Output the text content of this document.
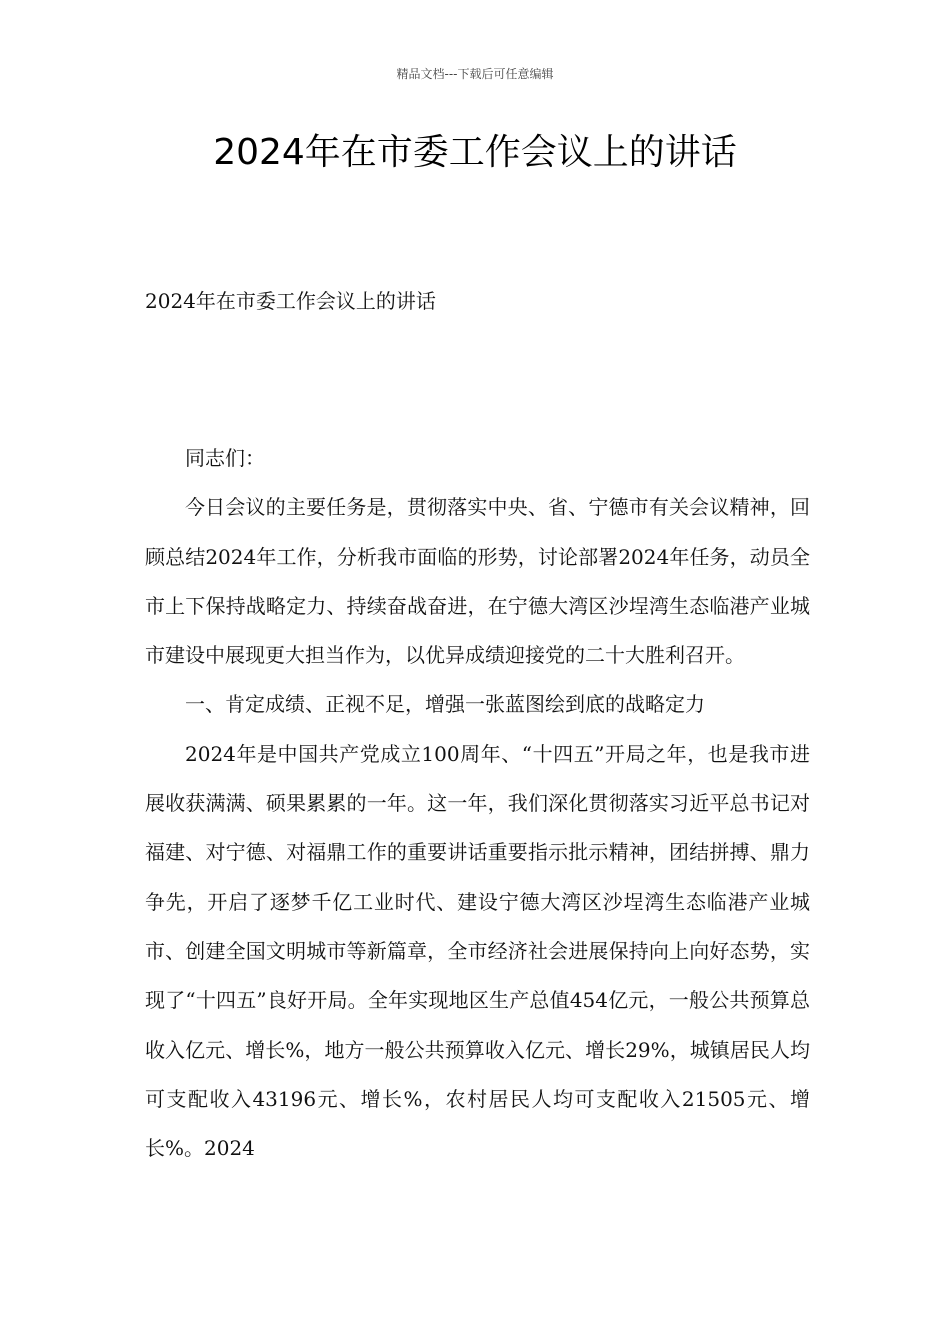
精品文档---下载后可任意编辑
2024年在市委工作会议上的讲话

2024年在市委工作会议上的讲话

同志们：

今日会议的主要任务是，贯彻落实中央、省、宁德市有关会议精神，回顾总结2024年工作，分析我市面临的形势，讨论部署2024年任务，动员全市上下保持战略定力、持续奋战奋进，在宁德大湾区沙埕湾生态临港产业城市建设中展现更大担当作为，以优异成绩迎接党的二十大胜利召开。

一、肯定成绩、正视不足，增强一张蓝图绘到底的战略定力

2024年是中国共产党成立100周年、“十四五”开局之年，也是我市进展收获满满、硕果累累的一年。这一年，我们深化贯彻落实习近平总书记对福建、对宁德、对福鼎工作的重要讲话重要指示批示精神，团结拼搏、鼎力争先，开启了逐梦千亿工业时代、建设宁德大湾区沙埕湾生态临港产业城市、创建全国文明城市等新篇章，全市经济社会进展保持向上向好态势，实现了“十四五”良好开局。全年实现地区生产总值454亿元，一般公共预算总收入亿元、增长%，地方一般公共预算收入亿元、增长29%，城镇居民人均可支配收入43196元、增长%，农村居民人均可支配收入21505元、增长%。2024
